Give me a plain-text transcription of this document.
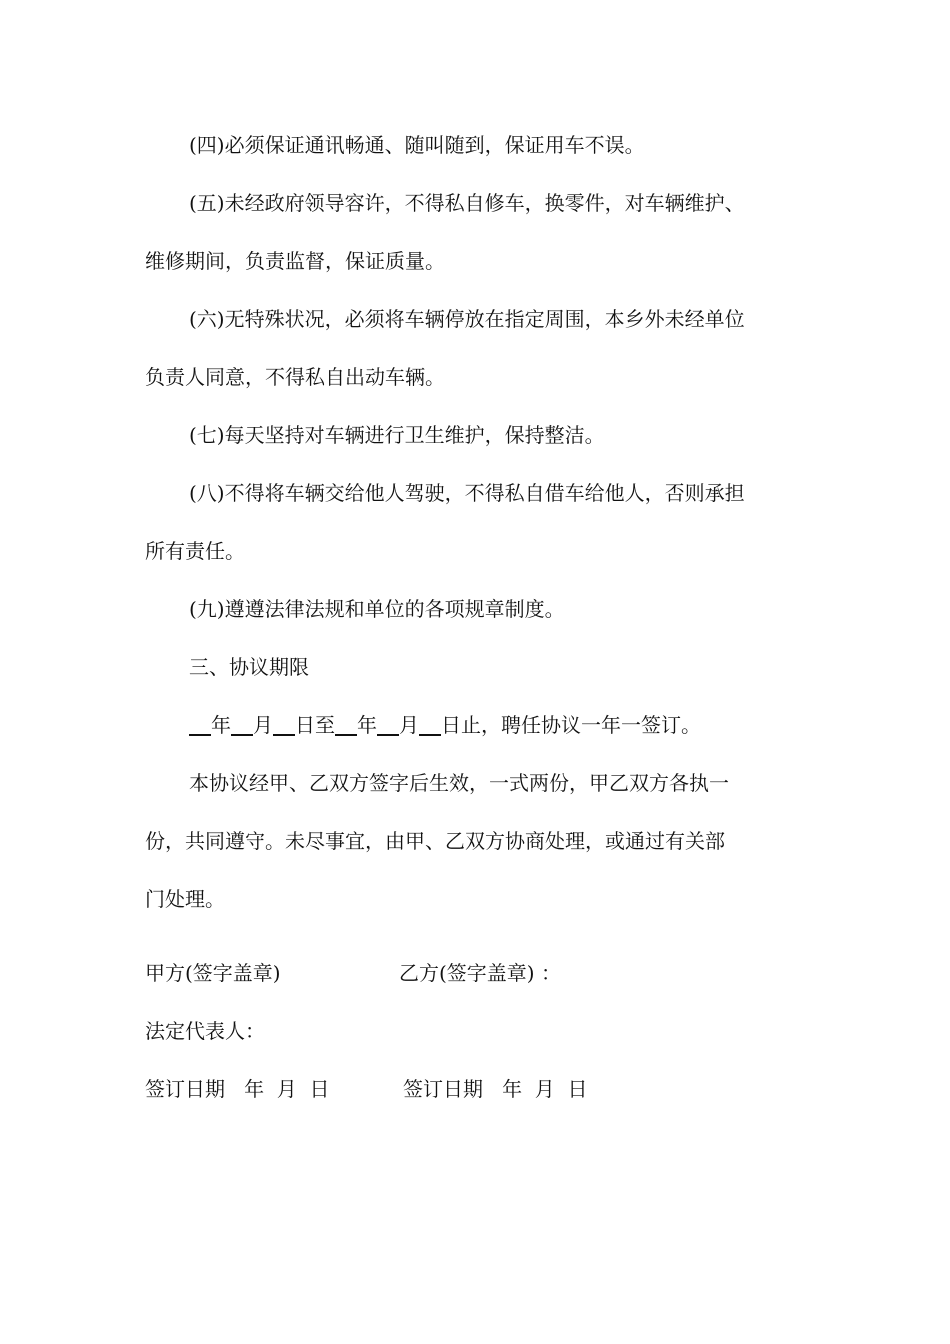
(四)必须保证通讯畅通、随叫随到，保证用车不误。

(五)未经政府领导容许，不得私自修车，换零件，对车辆维护、

维修期间，负责监督，保证质量。

(六)无特殊状况，必须将车辆停放在指定周围，本乡外未经单位

负责人同意，不得私自出动车辆。

(七)每天坚持对车辆进行卫生维护，保持整洁。

(八)不得将车辆交给他人驾驶，不得私自借车给他人，否则承担

所有责任。

(九)遵遵法律法规和单位的各项规章制度。

三、协议期限

年 月 日至 年 月 日止，聘任协议一年一签订。

本协议经甲、乙双方签字后生效，一式两份，甲乙双方各执一

份，共同遵守。未尽事宜，由甲、乙双方协商处理，或通过有关部
门处理。

甲方(签字盖章)	乙方(签字盖章) ：
法定代表人：
签订日期   年  月  日	签订日期   年  月  日
